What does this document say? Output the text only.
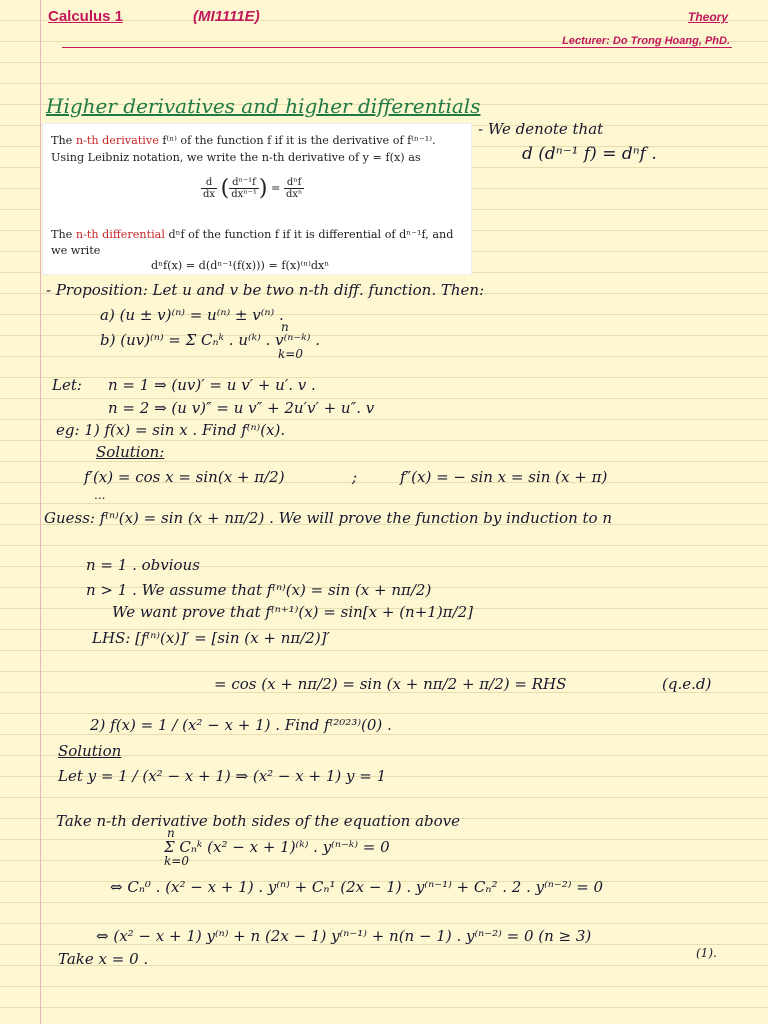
Calculus 1	(MI1111E)	Theory
Lecturer: Do Trong Hoang, PhD.
Higher derivatives and higher differentials
The n-th derivative f⁽ⁿ⁾ of the function f if it is the derivative of f⁽ⁿ⁻¹⁾.
Using Leibniz notation, we write the n-th derivative of y = f(x) as
$\frac{d}{dx}$ ( $\frac{\text{dⁿ⁻¹f}}{\text{dxⁿ⁻¹}}$ ) = $\frac{\text{dⁿf}}{\text{dxⁿ}}$
The n-th differential dⁿf of the function f if it is differential of dⁿ⁻¹f, and
we write
dⁿf(x) = d(dⁿ⁻¹(f(x))) = f(x)⁽ⁿ⁾dxⁿ
- We denote that
d (dⁿ⁻¹ f) = dⁿf .
- Proposition: Let u and v be two n-th diff. function. Then:
a) (u ± v)⁽ⁿ⁾ = u⁽ⁿ⁾ ± v⁽ⁿ⁾ .
n
b) (uv)⁽ⁿ⁾ = Σ Cₙᵏ . u⁽ᵏ⁾ . v⁽ⁿ⁻ᵏ⁾ .
k=0
Let: n = 1 ⇒ (uv)′ = u v′ + u′. v .
n = 2 ⇒ (u v)″ = u v″ + 2u′v′ + u″. v
eg: 1) f(x) = sin x . Find f⁽ⁿ⁾(x).
Solution:
f′(x) = cos x = sin(x + π/2)	;	f″(x) = − sin x = sin (x + π)
...
Guess: f⁽ⁿ⁾(x) = sin (x + nπ/2) . We will prove the function by induction to n
n = 1 . obvious
n > 1 . We assume that f⁽ⁿ⁾(x) = sin (x + nπ/2)
We want prove that f⁽ⁿ⁺¹⁾(x) = sin[x + (n+1)π/2]
LHS: [f⁽ⁿ⁾(x)]′ = [sin (x + nπ/2)]′
= cos (x + nπ/2) = sin (x + nπ/2 + π/2) = RHS	(q.e.d)
2) f(x) = 1 / (x² − x + 1) . Find f⁽²⁰²³⁾(0) .
Solution
Let y = 1 / (x² − x + 1) ⇒ (x² − x + 1) y = 1
Take n-th derivative both sides of the equation above
n
Σ Cₙᵏ (x² − x + 1)⁽ᵏ⁾ . y⁽ⁿ⁻ᵏ⁾ = 0
k=0
⇔ Cₙ⁰ . (x² − x + 1) . y⁽ⁿ⁾ + Cₙ¹ (2x − 1) . y⁽ⁿ⁻¹⁾ + Cₙ² . 2 . y⁽ⁿ⁻²⁾ = 0
⇔ (x² − x + 1) y⁽ⁿ⁾ + n (2x − 1) y⁽ⁿ⁻¹⁾ + n(n − 1) . y⁽ⁿ⁻²⁾ = 0 (n ≥ 3)
(1).
Take x = 0 .
